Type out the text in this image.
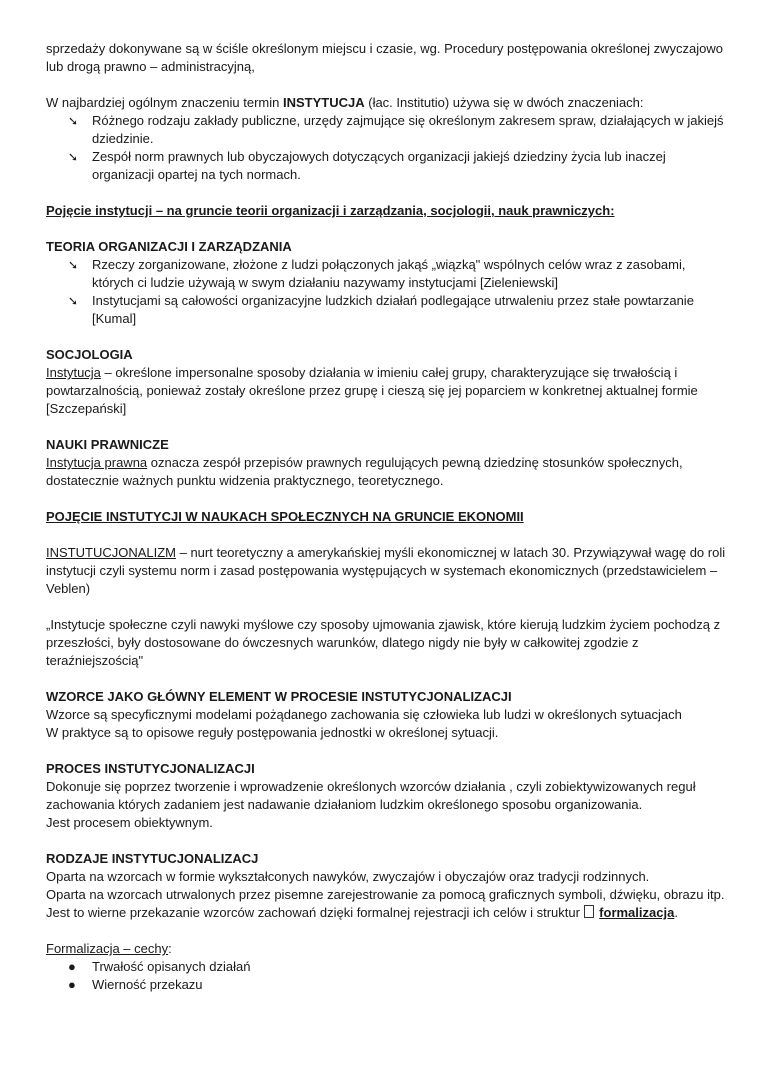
sprzedaży dokonywane są w ściśle określonym miejscu i czasie, wg. Procedury postępowania określonej zwyczajowo

lub drogą prawno – administracyjną,

W najbardziej ogólnym znaczeniu termin INSTYTUCJA (łac. Institutio) używa się w dwóch znaczeniach:

➘ Różnego rodzaju zakłady publiczne, urzędy zajmujące się określonym zakresem spraw, działających w jakiejś
dziedzinie.
➘ Zespół norm prawnych lub obyczajowych dotyczących organizacji jakiejś dziedziny życia lub inaczej
organizacji opartej na tych normach.

Pojęcie instytucji – na gruncie teorii organizacji i zarządzania, socjologii, nauk prawniczych:

TEORIA ORGANIZACJI I ZARZĄDZANIA

➘ Rzeczy zorganizowane, złożone z ludzi połączonych jakąś „wiązką" wspólnych celów wraz z zasobami,
których ci ludzie używają w swym działaniu nazywamy instytucjami [Zieleniewski]
➘ Instytucjami są całowości organizacyjne ludzkich działań podlegające utrwaleniu przez stałe powtarzanie
[Kumal]

SOCJOLOGIA

Instytucja – określone impersonalne sposoby działania w imieniu całej grupy, charakteryzujące się trwałością i

powtarzalnością, ponieważ zostały określone przez grupę i cieszą się jej poparciem w konkretnej aktualnej formie

[Szczepański]

NAUKI PRAWNICZE

Instytucja prawna oznacza zespół przepisów prawnych regulujących pewną dziedzinę stosunków społecznych,

dostatecznie ważnych punktu widzenia praktycznego, teoretycznego.

POJĘCIE INSTUTYCJI W NAUKACH SPOŁECZNYCH NA GRUNCIE EKONOMII

INSTUTUCJONALIZM – nurt teoretyczny a amerykańskiej myśli ekonomicznej w latach 30. Przywiązywał wagę do roli

instytucji czyli systemu norm i zasad postępowania występujących w systemach ekonomicznych (przedstawicielem –

Veblen)

„Instytucje społeczne czyli nawyki myślowe czy sposoby ujmowania zjawisk, które kierują ludzkim życiem pochodzą z

przeszłości, były dostosowane do ówczesnych warunków, dlatego nigdy nie były w całkowitej zgodzie z

teraźniejszością"

WZORCE JAKO GŁÓWNY ELEMENT W PROCESIE INSTUTYCJONALIZACJI

Wzorce są specyficznymi modelami pożądanego zachowania się człowieka lub ludzi w określonych sytuacjach

W praktyce są to opisowe reguły postępowania jednostki w określonej sytuacji.

PROCES INSTUTYCJONALIZACJI

Dokonuje się poprzez tworzenie i wprowadzenie określonych wzorców działania , czyli zobiektywizowanych reguł

zachowania których zadaniem jest nadawanie działaniom ludzkim określonego sposobu organizowania.

Jest procesem obiektywnym.

RODZAJE INSTYTUCJONALIZACJ

Oparta na wzorcach w formie wykształconych nawyków, zwyczajów i obyczajów oraz tradycji rodzinnych.

Oparta na wzorcach utrwalonych przez pisemne zarejestrowanie za pomocą graficznych symboli, dźwięku, obrazu itp.

Jest to wierne przekazanie wzorców zachowań dzięki formalnej rejestracji ich celów i struktur  formalizacja.

Formalizacja – cechy:

● Trwałość opisanych działań
● Wierność przekazu
